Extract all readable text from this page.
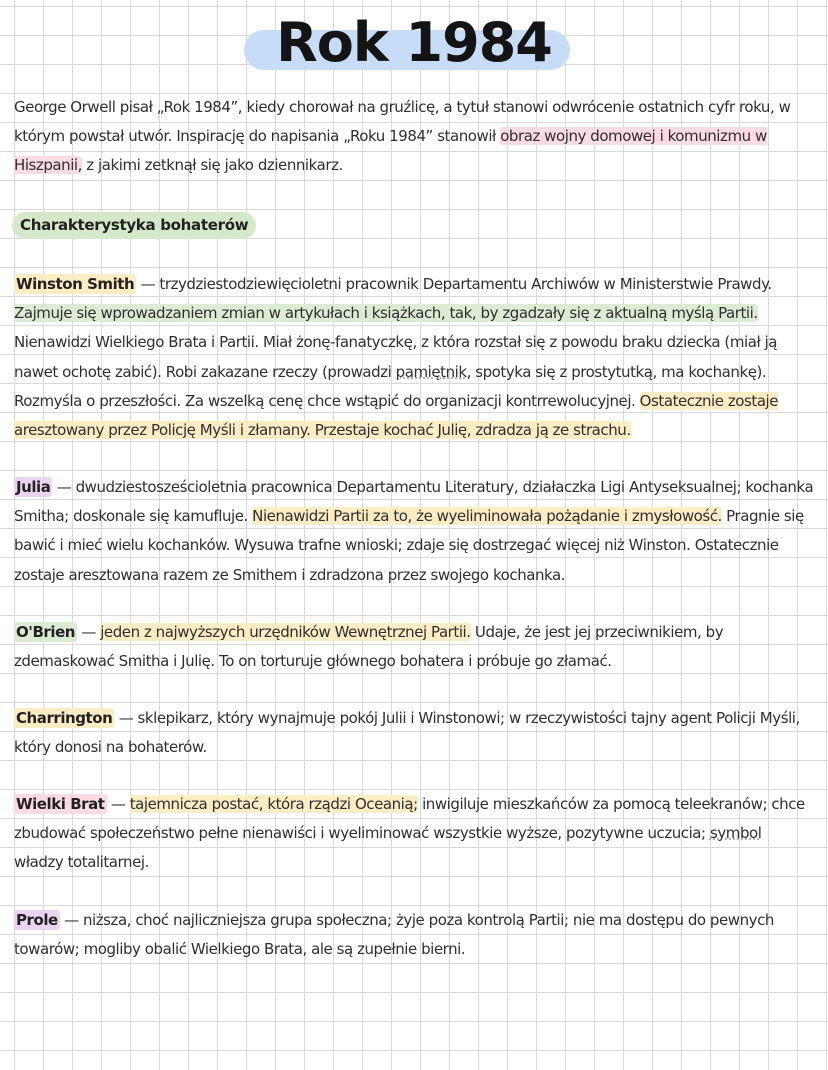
Rok 1984
George Orwell pisał „Rok 1984”, kiedy chorował na gruźlicę, a tytuł stanowi odwrócenie ostatnich cyfr roku, w którym powstał utwór. Inspirację do napisania „Roku 1984” stanowił obraz wojny domowej i komunizmu w Hiszpanii, z jakimi zetknął się jako dziennikarz.
Charakterystyka bohaterów
Winston Smith — trzydziestodziewięcioletni pracownik Departamentu Archiwów w Ministerstwie Prawdy. Zajmuje się wprowadzaniem zmian w artykułach i książkach, tak, by zgadzały się z aktualną myślą Partii. Nienawidzi Wielkiego Brata i Partii. Miał żonę-fanatyczkę, z która rozstał się z powodu braku dziecka (miał ją nawet ochotę zabić). Robi zakazane rzeczy (prowadzi pamiętnik, spotyka się z prostytutką, ma kochankę). Rozmyśla o przeszłości. Za wszelką cenę chce wstąpić do organizacji kontrrewolucyjnej. Ostatecznie zostaje aresztowany przez Policję Myśli i złamany. Przestaje kochać Julię, zdradza ją ze strachu.
Julia — dwudziestosześcioletnia pracownica Departamentu Literatury, działaczka Ligi Antyseksualnej; kochanka Smitha; doskonale się kamufluje. Nienawidzi Partii za to, że wyeliminowała pożądanie i zmysłowość. Pragnie się bawić i mieć wielu kochanków. Wysuwa trafne wnioski; zdaje się dostrzegać więcej niż Winston. Ostatecznie zostaje aresztowana razem ze Smithem i zdradzona przez swojego kochanka.
O'Brien — jeden z najwyższych urzędników Wewnętrznej Partii. Udaje, że jest jej przeciwnikiem, by zdemaskować Smitha i Julię. To on torturuje głównego bohatera i próbuje go złamać.
Charrington — sklepikarz, który wynajmuje pokój Julii i Winstonowi; w rzeczywistości tajny agent Policji Myśli, który donosi na bohaterów.
Wielki Brat — tajemnicza postać, która rządzi Oceanią; inwigiluje mieszkańców za pomocą teleekranów; chce zbudować społeczeństwo pełne nienawiści i wyeliminować wszystkie wyższe, pozytywne uczucia; symbol władzy totalitarnej.
Prole — niższa, choć najliczniejsza grupa społeczna; żyje poza kontrolą Partii; nie ma dostępu do pewnych towarów; mogliby obalić Wielkiego Brata, ale są zupełnie bierni.
